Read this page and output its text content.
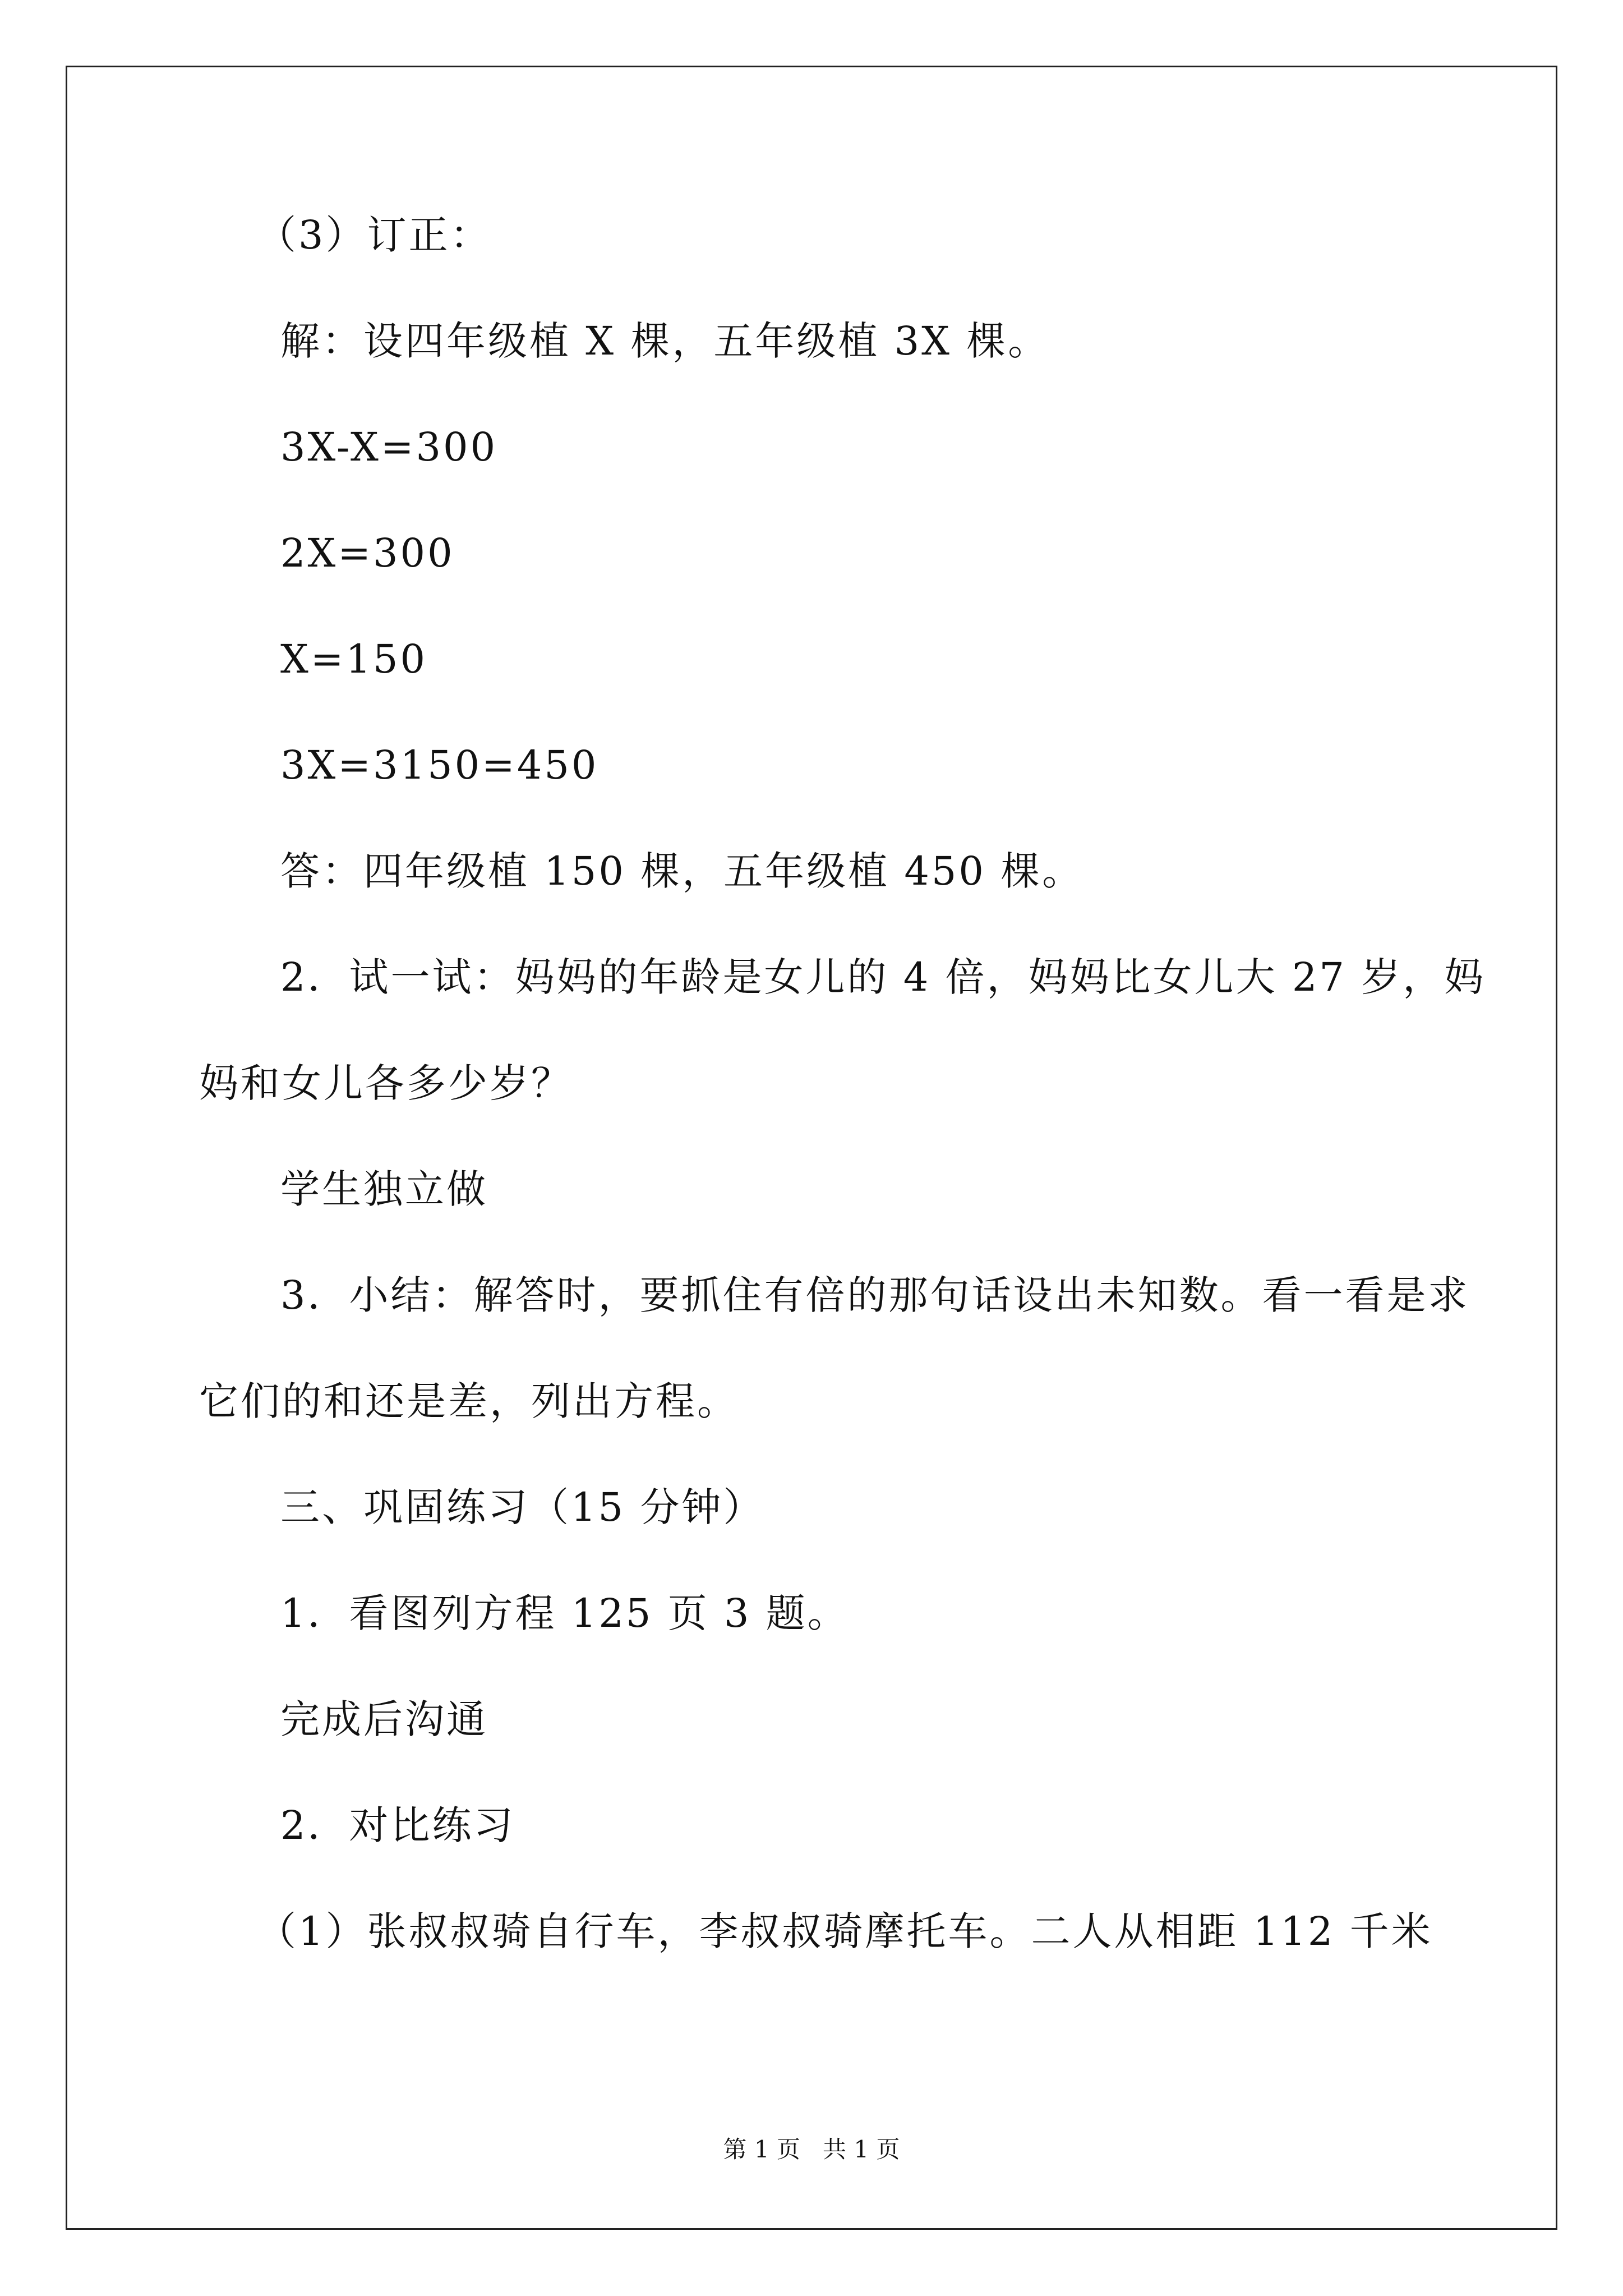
（3）订正：
解：设四年级植 X 棵，五年级植 3X 棵。
3X-X=300
2X=300
X=150
3X=3150=450
答：四年级植 150 棵，五年级植 450 棵。
2．试一试：妈妈的年龄是女儿的 4 倍，妈妈比女儿大 27 岁，妈
妈和女儿各多少岁？
学生独立做
3．小结：解答时，要抓住有倍的那句话设出未知数。看一看是求
它们的和还是差，列出方程。
三、巩固练习（15 分钟）
1．看图列方程 125 页 3 题。
完成后沟通
2．对比练习
（1）张叔叔骑自行车，李叔叔骑摩托车。二人从相距 112 千米
第 1 页   共 1 页
